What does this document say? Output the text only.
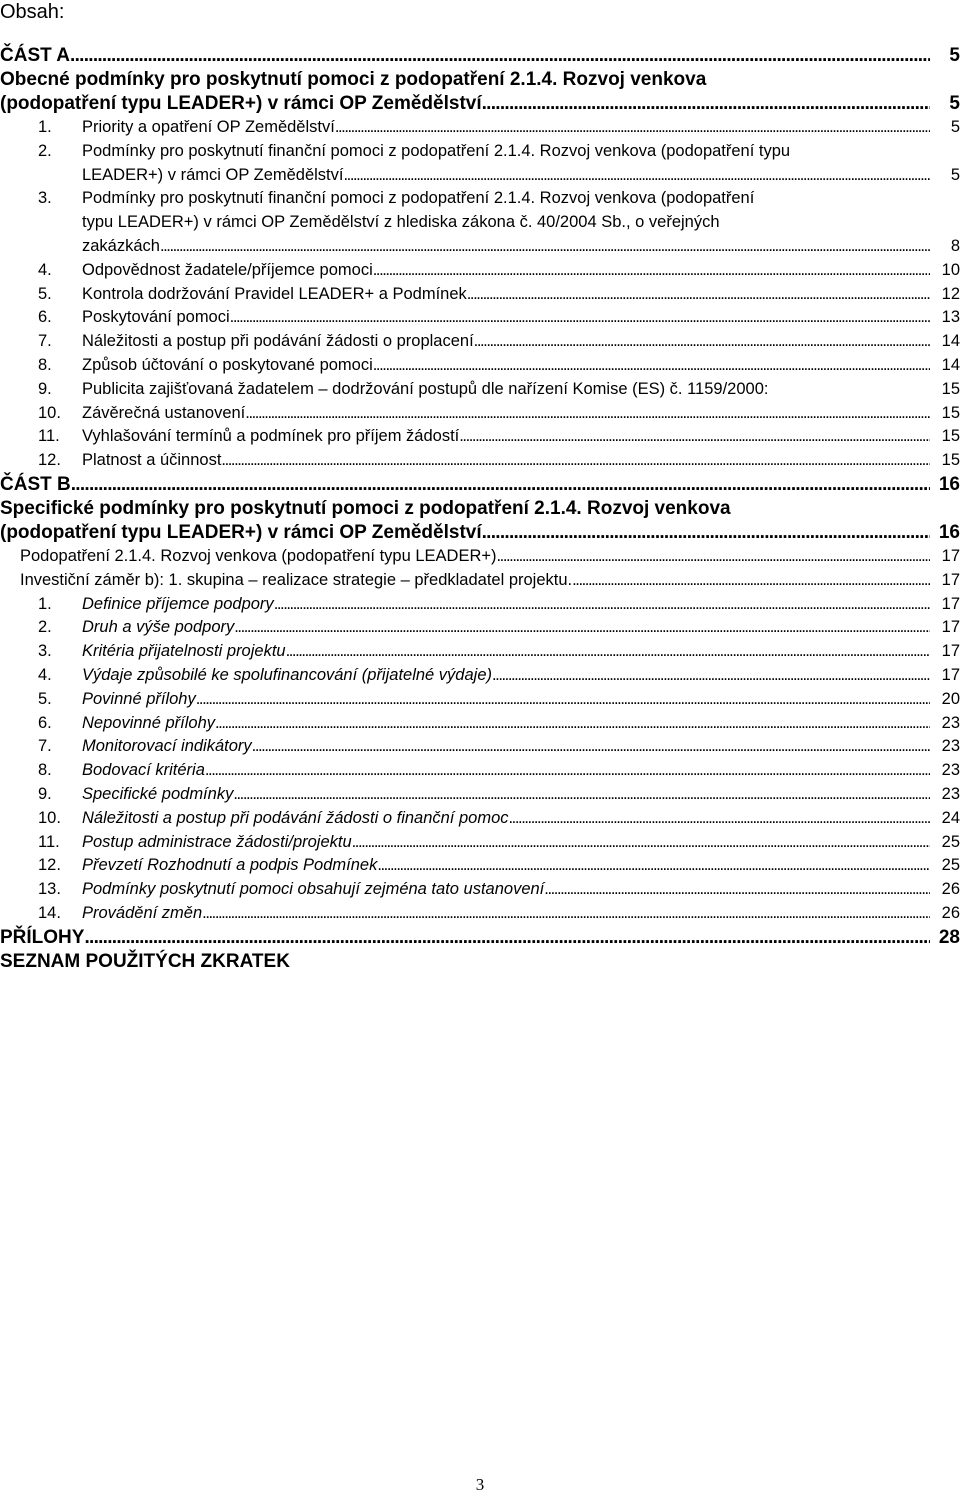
Obsah:
ČÁST A . . .	5
Obecné podmínky pro poskytnutí pomoci z podopatření 2.1.4. Rozvoj venkova
(podopatření typu LEADER+) v rámci OP Zemědělství . . .	5
1.	Priority a opatření OP Zemědělství . . .	5
2.	Podmínky pro poskytnutí finanční pomoci z podopatření 2.1.4. Rozvoj venkova (podopatření typu
LEADER+) v rámci OP Zemědělství . . .	5
3.	Podmínky pro poskytnutí finanční pomoci z podopatření 2.1.4. Rozvoj venkova (podopatření
typu LEADER+) v rámci OP Zemědělství z hlediska zákona č. 40/2004 Sb., o veřejných
zakázkách . . .	8
4.	Odpovědnost žadatele/příjemce pomoci . . .	10
5.	Kontrola dodržování Pravidel LEADER+ a Podmínek . . .	12
6.	Poskytování pomoci . . .	13
7.	Náležitosti a postup při podávání žádosti o proplacení . . .	14
8.	Způsob účtování o poskytované pomoci . . .	14
9.	Publicita zajišťovaná žadatelem – dodržování postupů dle nařízení Komise (ES) č. 1159/2000:	15
10.	Závěrečná ustanovení . . .	15
11.	Vyhlašování termínů a podmínek pro příjem žádostí . . .	15
12.	Platnost a účinnost . . .	15
ČÁST B . . .	16
Specifické podmínky pro poskytnutí pomoci z podopatření 2.1.4. Rozvoj venkova
(podopatření typu LEADER+) v rámci OP Zemědělství . . .	16
Podopatření 2.1.4. Rozvoj venkova (podopatření typu LEADER+) . . .	17
Investiční záměr b): 1. skupina – realizace strategie – předkladatel projektu. . . .	17
1.	Definice příjemce podpory . . .	17
2.	Druh a výše podpory . . .	17
3.	Kritéria přijatelnosti projektu . . .	17
4.	Výdaje způsobilé ke spolufinancování (přijatelné výdaje) . . .	17
5.	Povinné přílohy . . .	20
6.	Nepovinné přílohy . . .	23
7.	Monitorovací indikátory . . .	23
8.	Bodovací kritéria . . .	23
9.	Specifické podmínky . . .	23
10.	Náležitosti a postup při podávání žádosti o finanční pomoc . . .	24
11.	Postup administrace žádosti/projektu . . .	25
12.	Převzetí Rozhodnutí a podpis Podmínek . . .	25
13.	Podmínky poskytnutí pomoci obsahují zejména tato ustanovení . . .	26
14.	Provádění změn . . .	26
PŘÍLOHY . . .	28
SEZNAM POUŽITÝCH ZKRATEK
3
